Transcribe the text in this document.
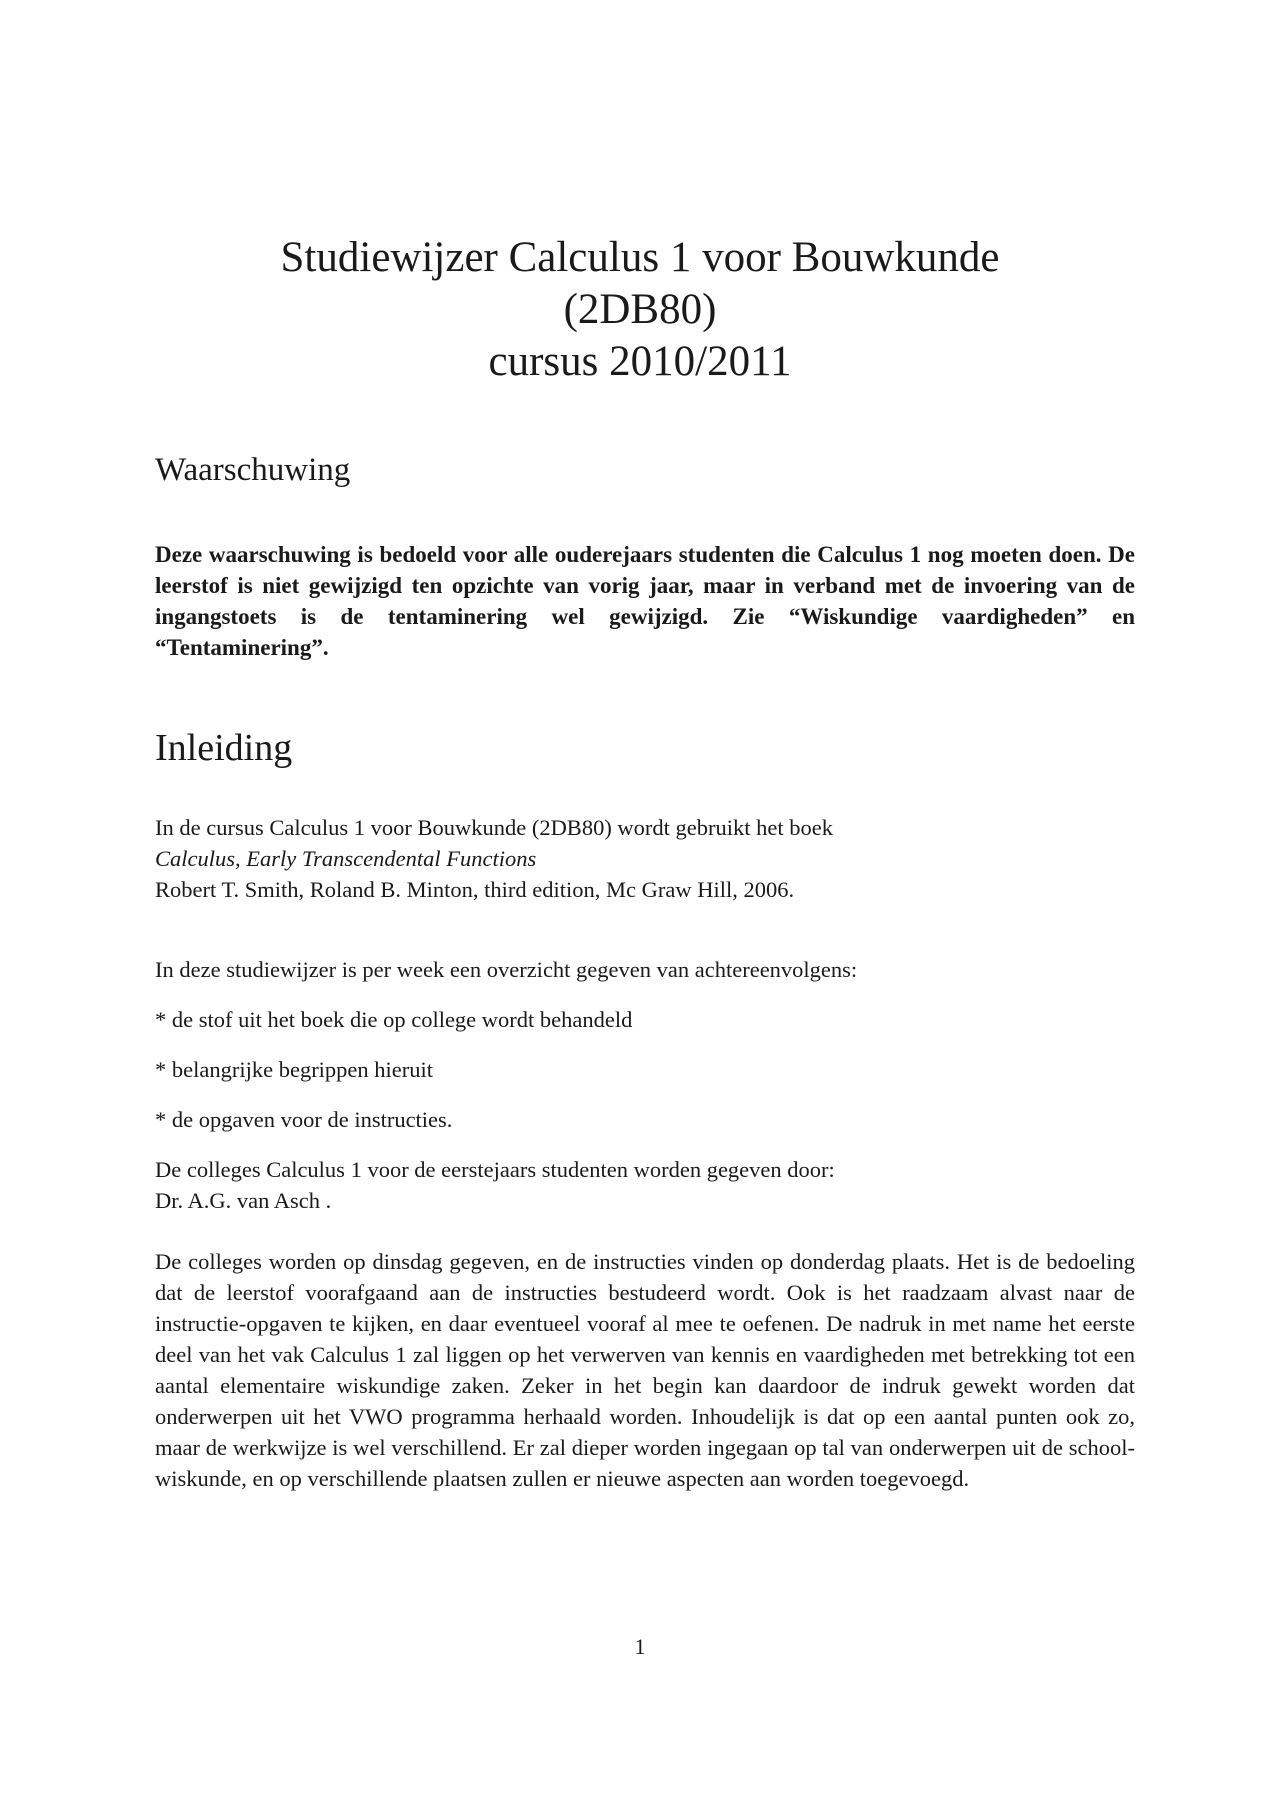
Studiewijzer Calculus 1 voor Bouwkunde
(2DB80)
cursus 2010/2011
Waarschuwing
Deze waarschuwing is bedoeld voor alle ouderejaars studenten die Calculus 1 nog moeten doen. De leerstof is niet gewijzigd ten opzichte van vorig jaar, maar in verband met de invoering van de ingangstoets is de tentaminering wel gewijzigd. Zie “Wiskundige vaardigheden” en “Tentaminering”.
Inleiding
In de cursus Calculus 1 voor Bouwkunde (2DB80) wordt gebruikt het boek
Calculus, Early Transcendental Functions
Robert T. Smith, Roland B. Minton, third edition, Mc Graw Hill, 2006.
In deze studiewijzer is per week een overzicht gegeven van achtereenvolgens:
* de stof uit het boek die op college wordt behandeld
* belangrijke begrippen hieruit
* de opgaven voor de instructies.
De colleges Calculus 1 voor de eerstejaars studenten worden gegeven door:
Dr. A.G. van Asch .
De colleges worden op dinsdag gegeven, en de instructies vinden op donderdag plaats. Het is de bedoeling dat de leerstof voorafgaand aan de instructies bestudeerd wordt. Ook is het raadzaam alvast naar de instructie-opgaven te kijken, en daar eventueel vooraf al mee te oefenen. De nadruk in met name het eerste deel van het vak Calculus 1 zal liggen op het verwerven van kennis en vaardigheden met betrekking tot een aantal elementaire wiskundige zaken. Zeker in het begin kan daardoor de indruk gewekt worden dat onderwerpen uit het VWO programma herhaald worden. Inhoudelijk is dat op een aantal punten ook zo, maar de werkwijze is wel verschillend. Er zal dieper worden ingegaan op tal van onderwerpen uit de school-wiskunde, en op verschillende plaatsen zullen er nieuwe aspecten aan worden toegevoegd.
1
